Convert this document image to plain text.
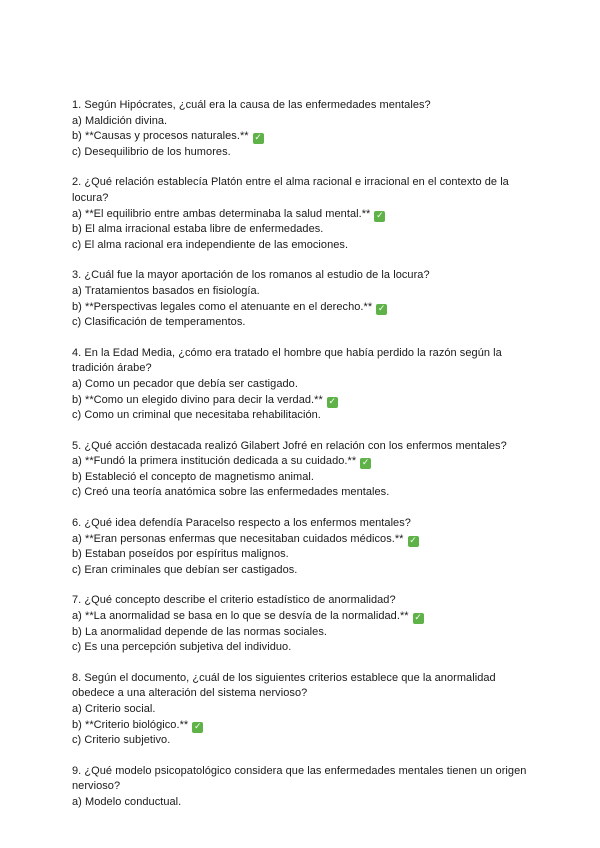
1. Según Hipócrates, ¿cuál era la causa de las enfermedades mentales?
a) Maldición divina.
b) **Causas y procesos naturales.** ✓
c) Desequilibrio de los humores.
2. ¿Qué relación establecía Platón entre el alma racional e irracional en el contexto de la locura?
a) **El equilibrio entre ambas determinaba la salud mental.** ✓
b) El alma irracional estaba libre de enfermedades.
c) El alma racional era independiente de las emociones.
3. ¿Cuál fue la mayor aportación de los romanos al estudio de la locura?
a) Tratamientos basados en fisiología.
b) **Perspectivas legales como el atenuante en el derecho.** ✓
c) Clasificación de temperamentos.
4. En la Edad Media, ¿cómo era tratado el hombre que había perdido la razón según la tradición árabe?
a) Como un pecador que debía ser castigado.
b) **Como un elegido divino para decir la verdad.** ✓
c) Como un criminal que necesitaba rehabilitación.
5. ¿Qué acción destacada realizó Gilabert Jofré en relación con los enfermos mentales?
a) **Fundó la primera institución dedicada a su cuidado.** ✓
b) Estableció el concepto de magnetismo animal.
c) Creó una teoría anatómica sobre las enfermedades mentales.
6. ¿Qué idea defendía Paracelso respecto a los enfermos mentales?
a) **Eran personas enfermas que necesitaban cuidados médicos.** ✓
b) Estaban poseídos por espíritus malignos.
c) Eran criminales que debían ser castigados.
7. ¿Qué concepto describe el criterio estadístico de anormalidad?
a) **La anormalidad se basa en lo que se desvía de la normalidad.** ✓
b) La anormalidad depende de las normas sociales.
c) Es una percepción subjetiva del individuo.
8. Según el documento, ¿cuál de los siguientes criterios establece que la anormalidad obedece a una alteración del sistema nervioso?
a) Criterio social.
b) **Criterio biológico.** ✓
c) Criterio subjetivo.
9. ¿Qué modelo psicopatológico considera que las enfermedades mentales tienen un origen nervioso?
a) Modelo conductual.
